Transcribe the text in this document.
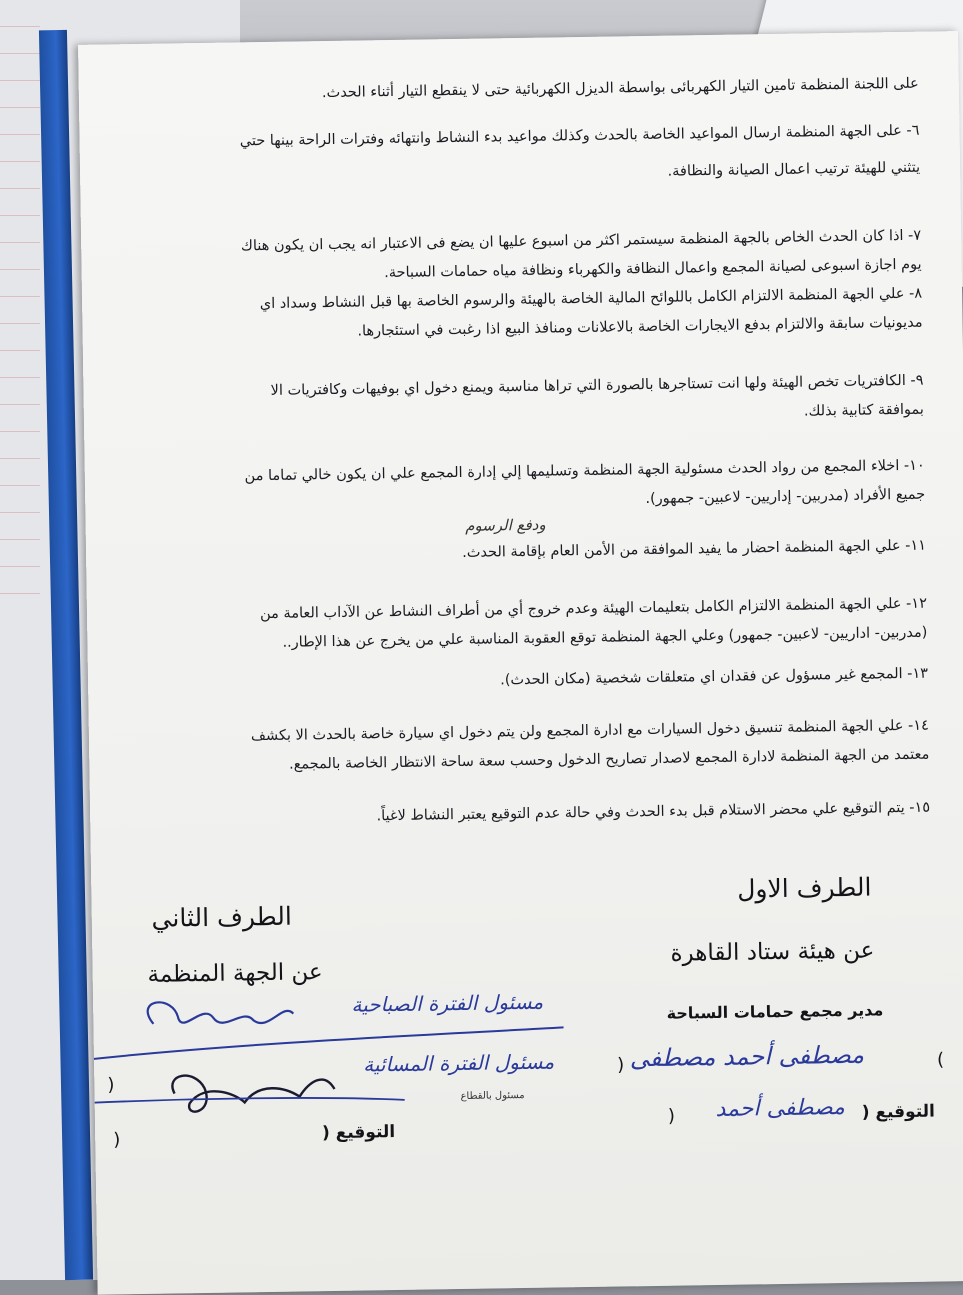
على اللجنة المنظمة تامين التيار الكهربائى بواسطة الديزل الكهربائية حتى لا ينقطع التيار أثناء الحدث.

٦- على الجهة المنظمة ارسال المواعيد الخاصة بالحدث وكذلك مواعيد بدء النشاط وانتهائه وفترات الراحة بينها حتي
يتثني للهيئة ترتيب اعمال الصيانة والنظافة.

٧- اذا كان الحدث الخاص بالجهة المنظمة سيستمر اكثر من اسبوع عليها ان يضع فى الاعتبار انه يجب ان يكون هناك
يوم اجازة اسبوعى لصيانة المجمع واعمال النظافة والكهرباء ونظافة مياه حمامات السباحة.

٨- علي الجهة المنظمة الالتزام الكامل باللوائح المالية الخاصة بالهيئة والرسوم الخاصة بها قبل النشاط وسداد اي
مديونيات سابقة والالتزام بدفع الايجارات الخاصة بالاعلانات ومنافذ البيع اذا رغبت في استئجارها.

٩- الكافتريات تخص الهيئة ولها انت تستاجرها بالصورة التي تراها مناسبة ويمنع دخول اي بوفيهات وكافتريات الا
بموافقة كتابية بذلك.

١٠- اخلاء المجمع من رواد الحدث مسئولية الجهة المنظمة وتسليمها إلي إدارة المجمع علي ان يكون خالي تماما من
جميع الأفراد (مدربين- إداريين- لاعبين- جمهور).

ودفع الرسوم

١١- علي الجهة المنظمة احضار ما يفيد الموافقة من الأمن العام بإقامة الحدث.

١٢- علي الجهة المنظمة الالتزام الكامل بتعليمات الهيئة وعدم خروج أي من أطراف النشاط عن الآداب العامة من
(مدربين- اداريين- لاعبين- جمهور) وعلي الجهة المنظمة توقع العقوبة المناسبة علي من يخرج عن هذا الإطار..

١٣- المجمع غير مسؤول عن فقدان اي متعلقات شخصية (مكان الحدث).

١٤- علي الجهة المنظمة تنسيق دخول السيارات مع ادارة المجمع ولن يتم دخول اي سيارة خاصة بالحدث الا بكشف
معتمد من الجهة المنظمة لادارة المجمع لاصدار تصاريح الدخول وحسب سعة ساحة الانتظار الخاصة بالمجمع.

١٥- يتم التوقيع علي محضر الاستلام قبل بدء الحدث وفي حالة عدم التوقيع يعتبر النشاط لاغياً.

الطرف الاول
عن هيئة ستاد القاهرة
مدير مجمع حمامات السباحة
(
مصطفى أحمد مصطفى
)
التوقيع (
مصطفى أحمد
)
الطرف الثاني
عن الجهة المنظمة
مسئول الفترة الصباحية
مسئول الفترة المسائية
مسئول بالقطاع
)
التوقيع (
)
